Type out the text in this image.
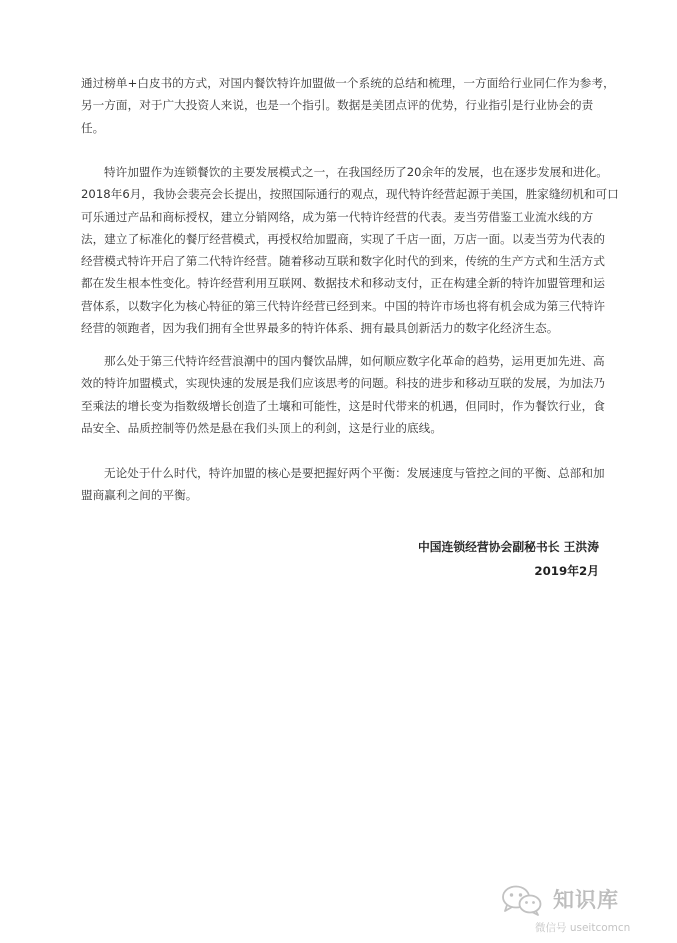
通过榜单+白皮书的方式，对国内餐饮特许加盟做一个系统的总结和梳理，一方面给行业同仁作为参考，
另一方面，对于广大投资人来说，也是一个指引。数据是美团点评的优势，行业指引是行业协会的责
任。

特许加盟作为连锁餐饮的主要发展模式之一，在我国经历了20余年的发展，也在逐步发展和进化。
2018年6月，我协会裴亮会长提出，按照国际通行的观点，现代特许经营起源于美国，胜家缝纫机和可口
可乐通过产品和商标授权，建立分销网络，成为第一代特许经营的代表。麦当劳借鉴工业流水线的方
法，建立了标准化的餐厅经营模式，再授权给加盟商，实现了千店一面，万店一面。以麦当劳为代表的
经营模式特许开启了第二代特许经营。随着移动互联和数字化时代的到来，传统的生产方式和生活方式
都在发生根本性变化。特许经营利用互联网、数据技术和移动支付，正在构建全新的特许加盟管理和运
营体系，以数字化为核心特征的第三代特许经营已经到来。中国的特许市场也将有机会成为第三代特许
经营的领跑者，因为我们拥有全世界最多的特许体系、拥有最具创新活力的数字化经济生态。

那么处于第三代特许经营浪潮中的国内餐饮品牌，如何顺应数字化革命的趋势，运用更加先进、高
效的特许加盟模式，实现快速的发展是我们应该思考的问题。科技的进步和移动互联的发展，为加法乃
至乘法的增长变为指数级增长创造了土壤和可能性，这是时代带来的机遇，但同时，作为餐饮行业，食
品安全、品质控制等仍然是悬在我们头顶上的利剑，这是行业的底线。

无论处于什么时代，特许加盟的核心是要把握好两个平衡：发展速度与管控之间的平衡、总部和加
盟商赢利之间的平衡。

中国连锁经营协会副秘书长 王洪涛
2019年2月
知识库
微信号 useitcomcn
